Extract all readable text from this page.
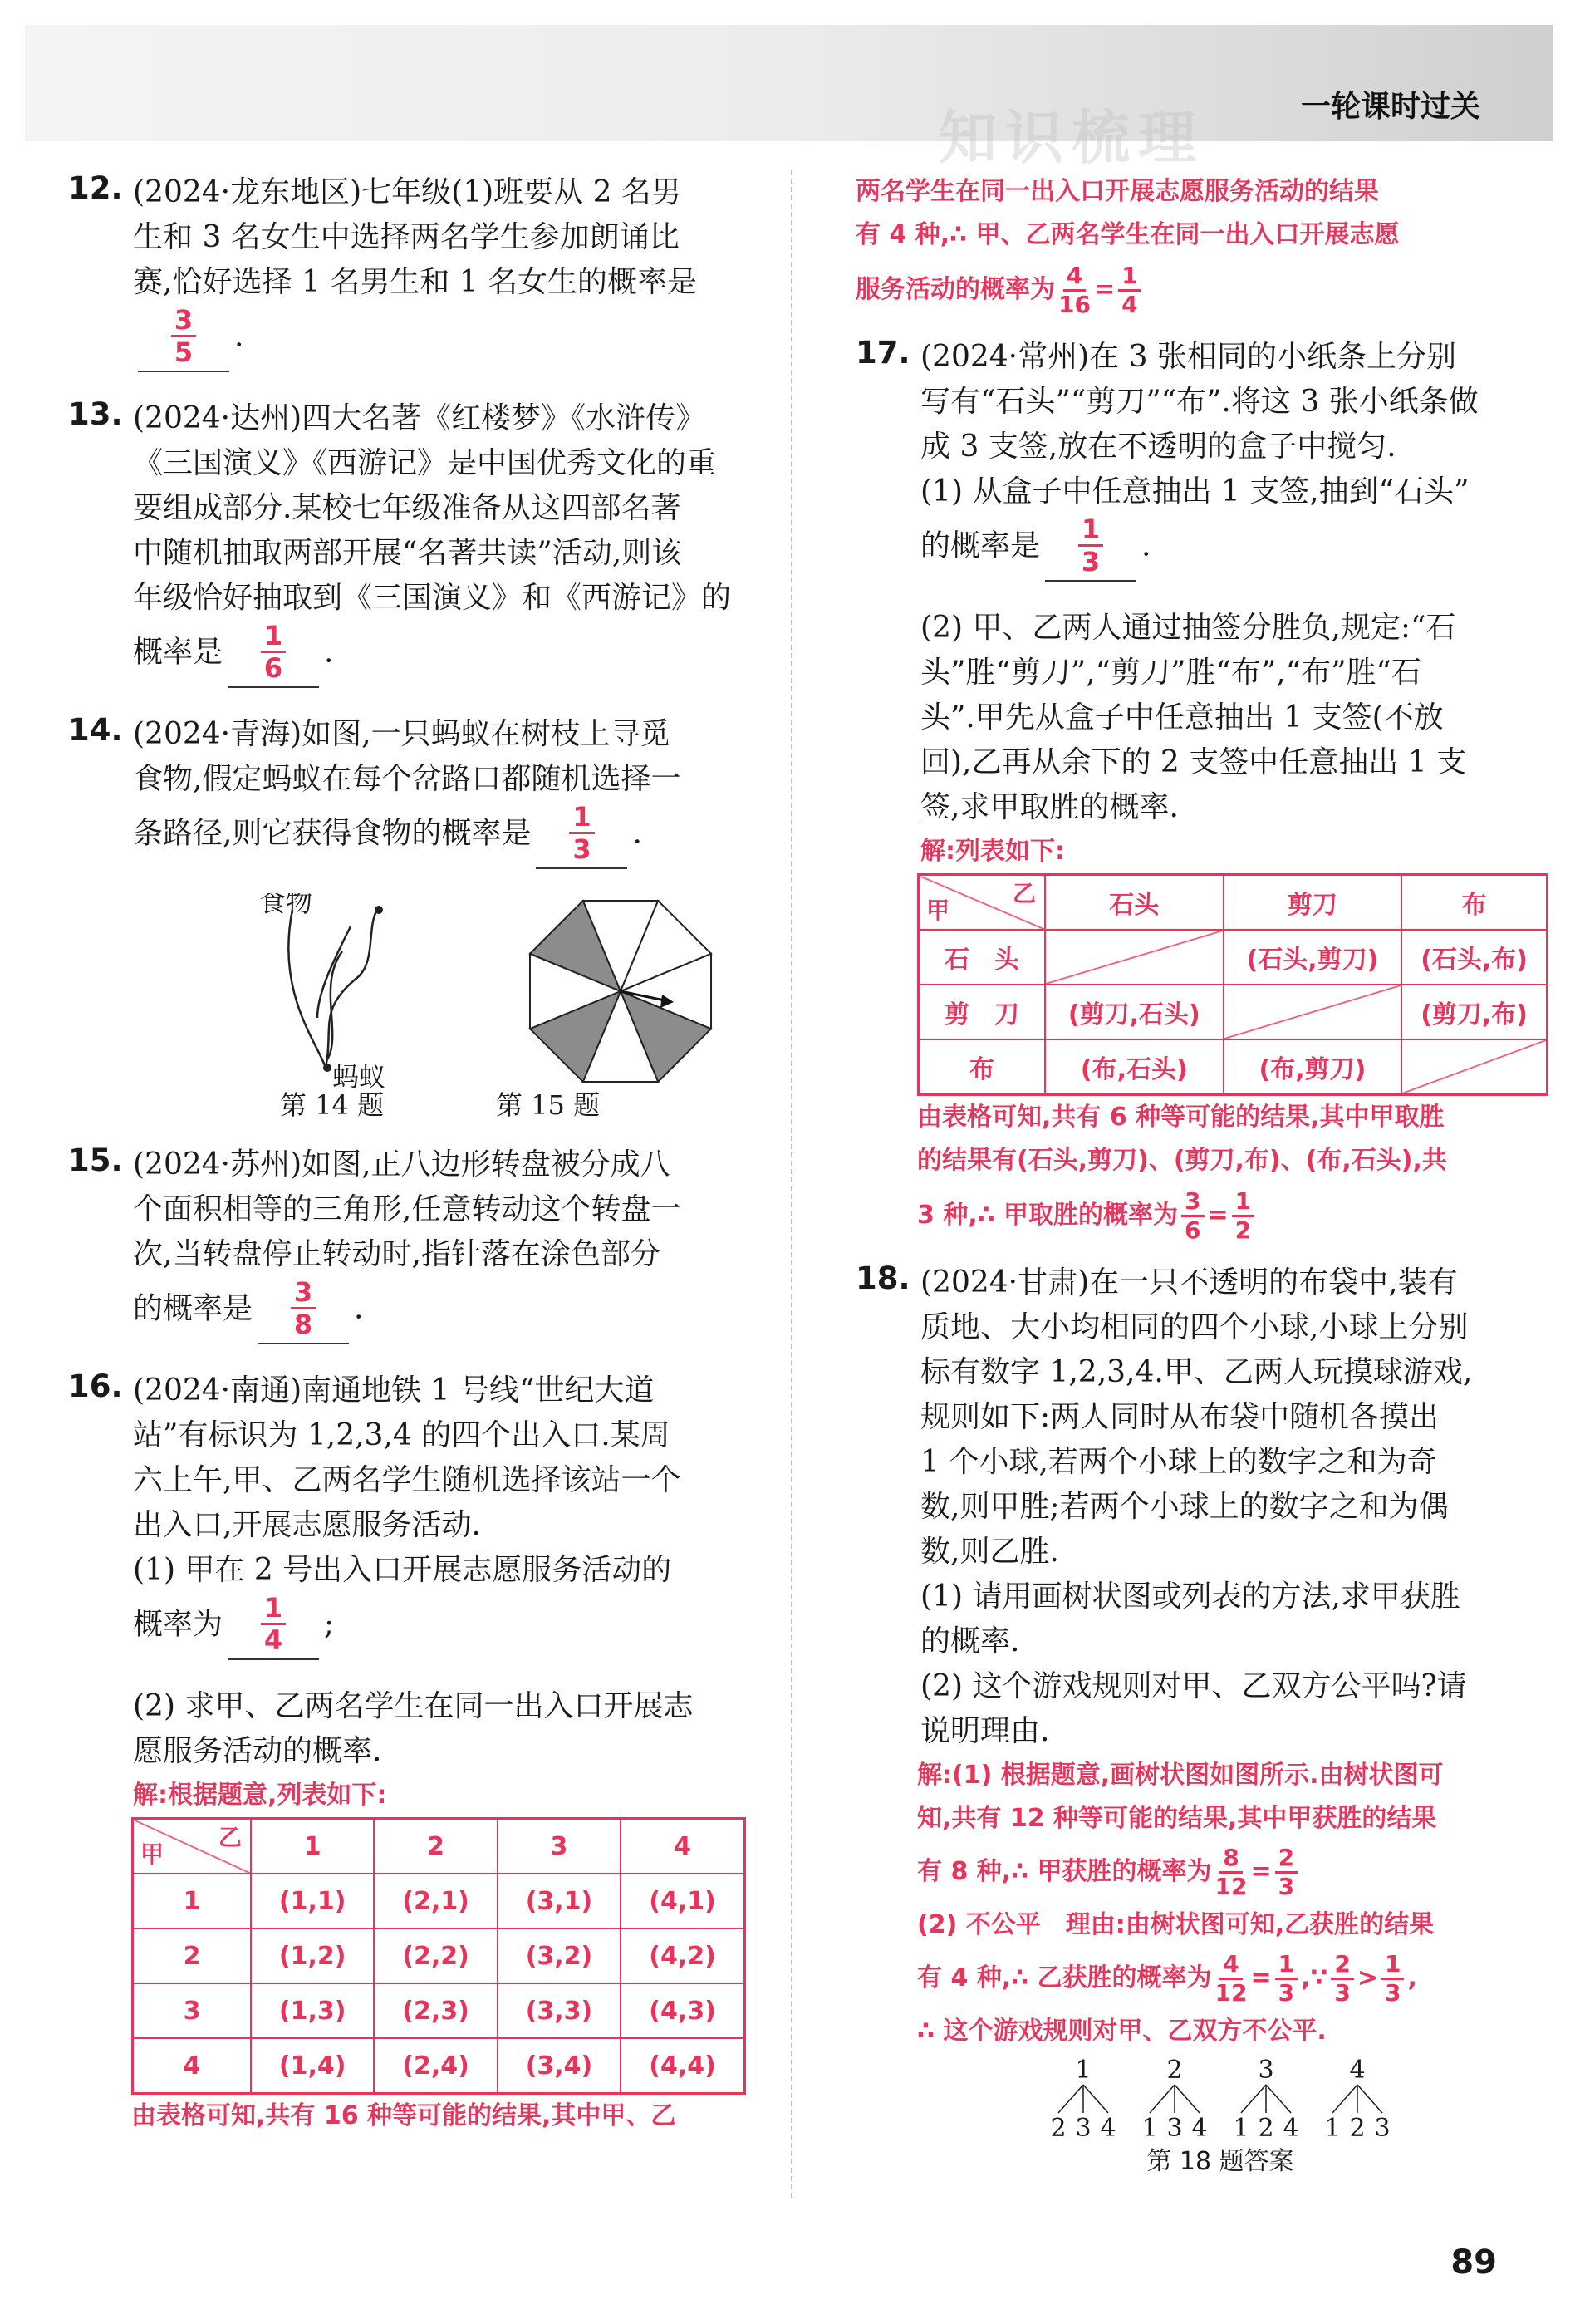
知识梳理	一轮课时过关
12. (2024·龙东地区)七年级(1)班要从 2 名男

生和 3 名女生中选择两名学生参加朗诵比

赛,恰好选择 1 名男生和 1 名女生的概率是

$\frac{3}{5}$ .

13. (2024·达州)四大名著《红楼梦》《水浒传》

《三国演义》《西游记》是中国优秀文化的重

要组成部分.某校七年级准备从这四部名著

中随机抽取两部开展“名著共读”活动,则该

年级恰好抽取到《三国演义》和《西游记》的

概率是 $\frac{1}{6}$ .

14. (2024·青海)如图,一只蚂蚁在树枝上寻觅

食物,假定蚂蚁在每个岔路口都随机选择一

条路径,则它获得食物的概率是 $\frac{1}{3}$ .

食物
蚂蚁
第 14 题	第 15 题
15. (2024·苏州)如图,正八边形转盘被分成八

个面积相等的三角形,任意转动这个转盘一

次,当转盘停止转动时,指针落在涂色部分

的概率是 $\frac{3}{8}$ .

16. (2024·南通)南通地铁 1 号线“世纪大道

站”有标识为 1,2,3,4 的四个出入口.某周

六上午,甲、乙两名学生随机选择该站一个

出入口,开展志愿服务活动.

(1) 甲在 2 号出入口开展志愿服务活动的

概率为 $\frac{1}{4}$ ;

(2) 求甲、乙两名学生在同一出入口开展志

愿服务活动的概率.

解:根据题意,列表如下:

甲
乙	1	2	3	4
1	(1,1)	(2,1)	(3,1)	(4,1)
2	(1,2)	(2,2)	(3,2)	(4,2)
3	(1,3)	(2,3)	(3,3)	(4,3)
4	(1,4)	(2,4)	(3,4)	(4,4)

由表格可知,共有 16 种等可能的结果,其中甲、乙

两名学生在同一出入口开展志愿服务活动的结果

有 4 种,∴ 甲、乙两名学生在同一出入口开展志愿

服务活动的概率为 $\frac{4}{16} = \frac{1}{4}$

17. (2024·常州)在 3 张相同的小纸条上分别

写有“石头”“剪刀”“布”.将这 3 张小纸条做

成 3 支签,放在不透明的盒子中搅匀.

(1) 从盒子中任意抽出 1 支签,抽到“石头”

的概率是 $\frac{1}{3}$ .

(2) 甲、乙两人通过抽签分胜负,规定:“石

头”胜“剪刀”,“剪刀”胜“布”,“布”胜“石

头”.甲先从盒子中任意抽出 1 支签(不放

回),乙再从余下的 2 支签中任意抽出 1 支

签,求甲取胜的概率.

解:列表如下:

甲
乙	石头	剪刀	布
石　头		(石头,剪刀)	(石头,布)
剪　刀	(剪刀,石头)		(剪刀,布)
布	(布,石头)	(布,剪刀)	

由表格可知,共有 6 种等可能的结果,其中甲取胜

的结果有(石头,剪刀)、(剪刀,布)、(布,石头),共

3 种,∴ 甲取胜的概率为 $\frac{3}{6} = \frac{1}{2}$

18. (2024·甘肃)在一只不透明的布袋中,装有

质地、大小均相同的四个小球,小球上分别

标有数字 1,2,3,4.甲、乙两人玩摸球游戏,

规则如下:两人同时从布袋中随机各摸出

1 个小球,若两个小球上的数字之和为奇

数,则甲胜;若两个小球上的数字之和为偶

数,则乙胜.

(1) 请用画树状图或列表的方法,求甲获胜

的概率.

(2) 这个游戏规则对甲、乙双方公平吗?请

说明理由.

解:(1) 根据题意,画树状图如图所示.由树状图可

知,共有 12 种等可能的结果,其中甲获胜的结果

有 8 种,∴ 甲获胜的概率为 $\frac{8}{12} = \frac{2}{3}$

(2) 不公平　理由:由树状图可知,乙获胜的结果

有 4 种,∴ 乙获胜的概率为 $\frac{4}{12} = \frac{1}{3}$ ,∵ $\frac{2}{3} > \frac{1}{3}$ ,

∴ 这个游戏规则对甲、乙双方不公平.

1
2 3 4
2
1 3 4
3
1 2 4
4
1 2 3
第 18 题答案
89
